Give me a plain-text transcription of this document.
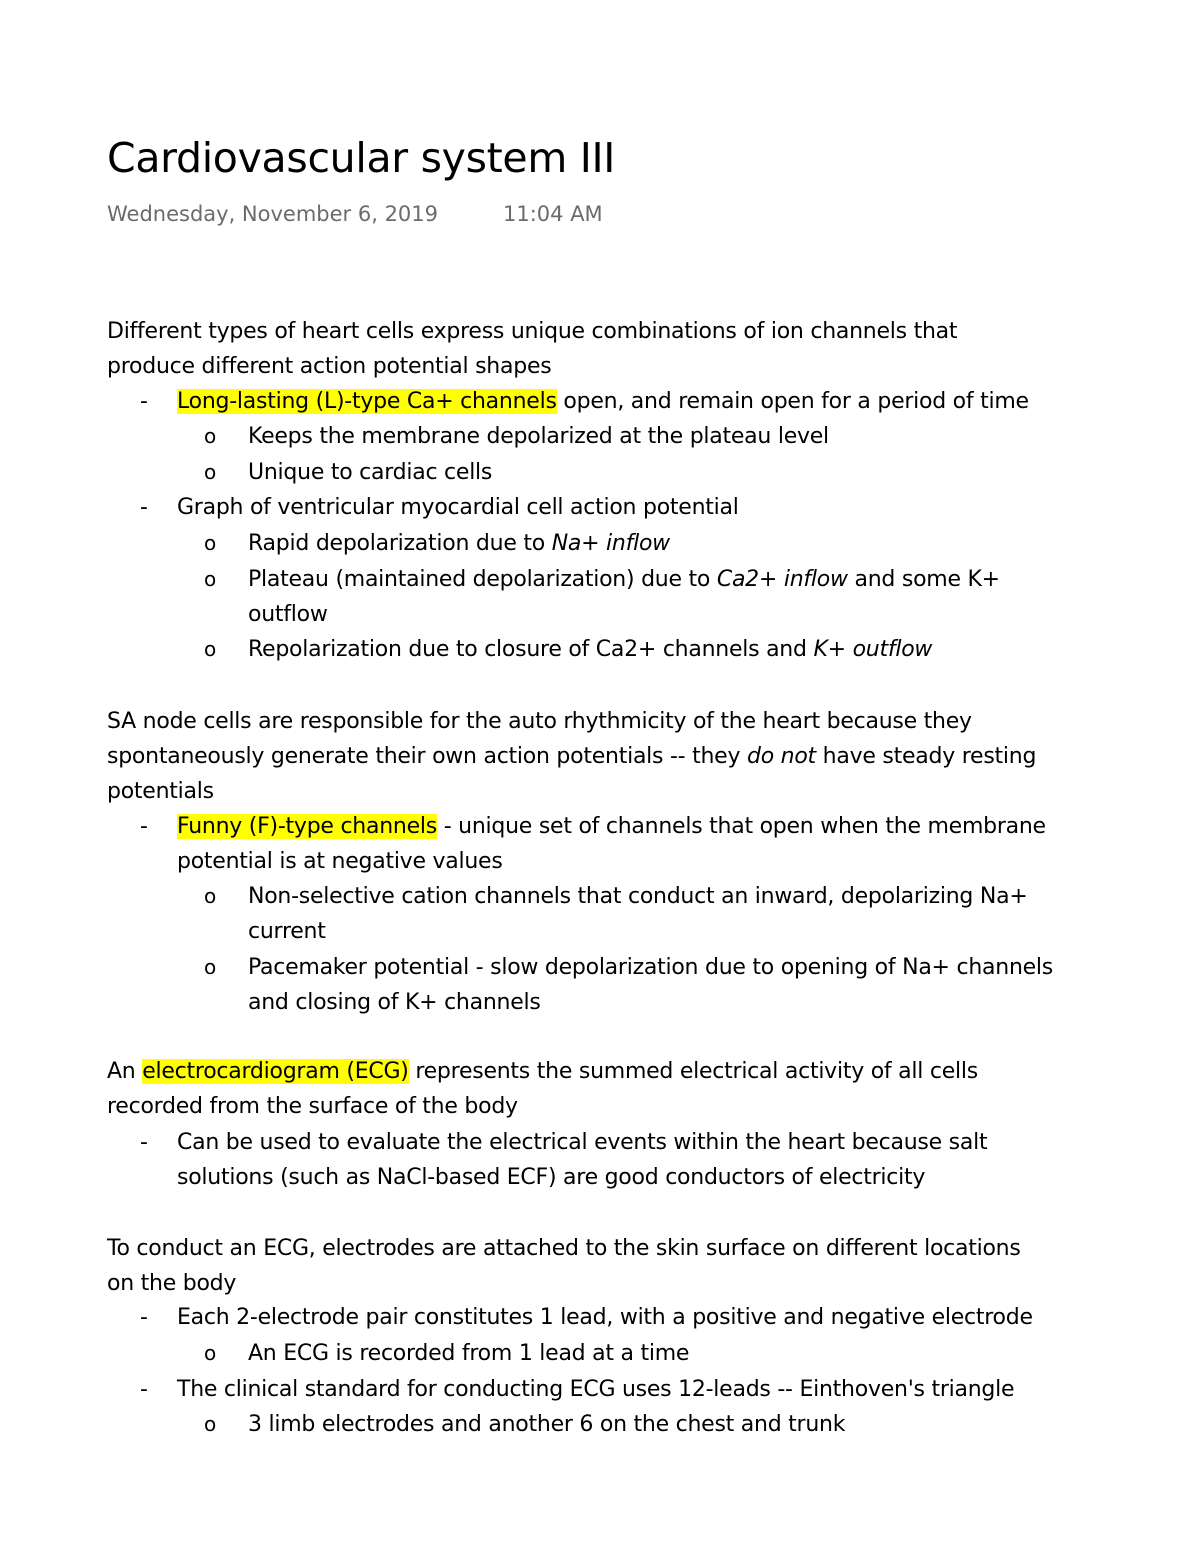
Cardiovascular system III
Wednesday, November 6, 2019	11:04 AM
Different types of heart cells express unique combinations of ion channels that
produce different action potential shapes
- Long-lasting (L)-type Ca+ channels open, and remain open for a period of time
o Keeps the membrane depolarized at the plateau level
o Unique to cardiac cells
- Graph of ventricular myocardial cell action potential
o Rapid depolarization due to Na+ inflow
o Plateau (maintained depolarization) due to Ca2+ inflow and some K+
outflow
o Repolarization due to closure of Ca2+ channels and K+ outflow
SA node cells are responsible for the auto rhythmicity of the heart because they
spontaneously generate their own action potentials -- they do not have steady resting
potentials
- Funny (F)-type channels - unique set of channels that open when the membrane
potential is at negative values
o Non-selective cation channels that conduct an inward, depolarizing Na+
current
o Pacemaker potential - slow depolarization due to opening of Na+ channels
and closing of K+ channels
An electrocardiogram (ECG) represents the summed electrical activity of all cells
recorded from the surface of the body
- Can be used to evaluate the electrical events within the heart because salt
solutions (such as NaCl-based ECF) are good conductors of electricity
To conduct an ECG, electrodes are attached to the skin surface on different locations
on the body
- Each 2-electrode pair constitutes 1 lead, with a positive and negative electrode
o An ECG is recorded from 1 lead at a time
- The clinical standard for conducting ECG uses 12-leads -- Einthoven's triangle
o 3 limb electrodes and another 6 on the chest and trunk
